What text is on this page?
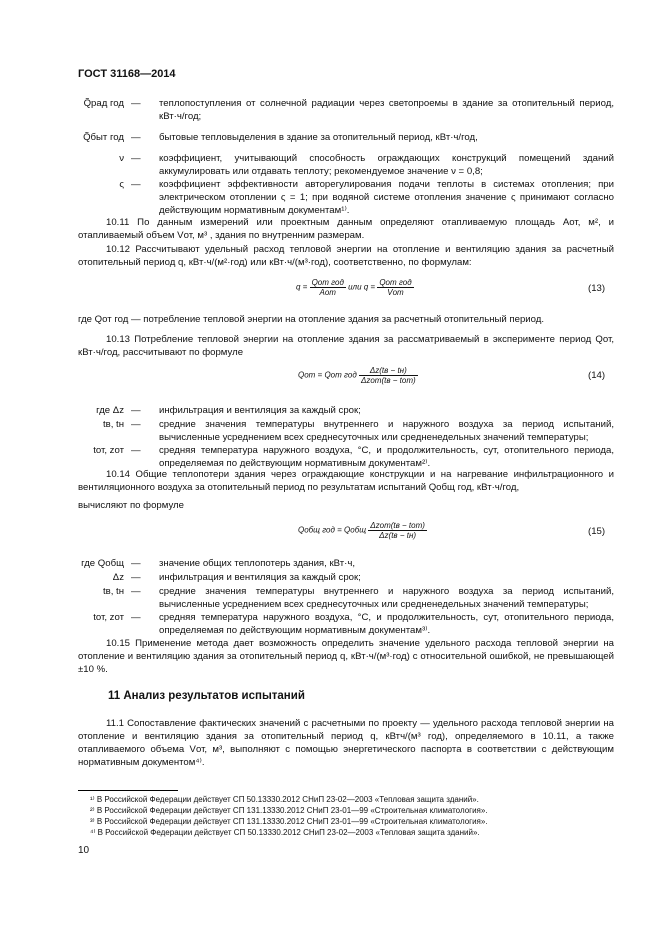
ГОСТ 31168—2014
Q̃рад год — теплопоступления от солнечной радиации через светопроемы в здание за отопительный период, кВт·ч/год;
Q̃быт год — бытовые тепловыделения в здание за отопительный период, кВт·ч/год,
ν — коэффициент, учитывающий способность ограждающих конструкций помещений зданий аккумулировать или отдавать теплоту; рекомендуемое значение ν = 0,8;
ς — коэффициент эффективности авторегулирования подачи теплоты в системах отопления; при электрическом отоплении ς = 1; при водяной системе отопления значение ς принимают согласно действующим нормативным документам¹⁾.
10.11 По данным измерений или проектным данным определяют отапливаемую площадь Aот, м², и отапливаемый объем Vот, м³ , здания по внутренним размерам.
10.12 Рассчитывают удельный расход тепловой энергии на отопление и вентиляцию здания за расчетный отопительный период q, кВт·ч/(м²·год) или кВт·ч/(м³·год), соответственно, по формулам:
$q = \frac{\text{Qот год}}{\text{Aот}}$ или $q = \frac{\text{Qот год}}{\text{Vот}}$	(13)
где Qот год — потребление тепловой энергии на отопление здания за расчетный отопительный период.
10.13 Потребление тепловой энергии на отопление здания за рассматриваемый в эксперименте период Qот, кВт·ч/год, рассчитывают по формуле
Qот = Qот год $\frac{\Delta z(tв - tн)}{\text{Δzот(tв − tот)}}$	(14)
где Δz — инфильтрация и вентиляция за каждый срок;
tв, tн — средние значения температуры внутреннего и наружного воздуха за период испытаний, вычисленные усреднением всех среднесуточных или средненедельных значений температуры;
tот, zот — средняя температура наружного воздуха, °С, и продолжительность, сут, отопительного периода, определяемая по действующим нормативным документам²⁾.
10.14 Общие теплопотери здания через ограждающие конструкции и на нагревание инфильтрационного и вентиляционного воздуха за отопительный период по результатам испытаний Qобщ год, кВт·ч/год,
вычисляют по формуле
Qобщ год = Qобщ $\frac{\text{Δzот(tв − tот)}}{\Delta z(tв - tн)}$	(15)
где Qобщ — значение общих теплопотерь здания, кВт·ч,
Δz — инфильтрация и вентиляция за каждый срок;
tв, tн — средние значения температуры внутреннего и наружного воздуха за период испытаний, вычисленные усреднением всех среднесуточных или средненедельных значений температуры;
tот, zот — средняя температура наружного воздуха, °С, и продолжительность, сут, отопительного периода, определяемая по действующим нормативным документам³⁾.
10.15 Применение метода дает возможность определить значение удельного расхода тепловой энергии на отопление и вентиляцию здания за отопительный период q, кВт·ч/(м³·год) с относительной ошибкой, не превышающей ±10 %.
11 Анализ результатов испытаний
11.1 Сопоставление фактических значений с расчетными по проекту — удельного расхода тепловой энергии на отопление и вентиляцию здания за отопительный период q, кВтч/(м³ год), определяемого в 10.11, а также отапливаемого объема Vот, м³, выполняют с помощью энергетического паспорта в соответствии с действующим нормативным документом⁴⁾.
¹⁾ В Российской Федерации действует СП 50.13330.2012 СНиП 23-02—2003 «Тепловая защита зданий».
²⁾ В Российской Федерации действует СП 131.13330.2012 СНиП 23-01—99 «Строительная климатология».
³⁾ В Российской Федерации действует СП 131.13330.2012 СНиП 23-01—99 «Строительная климатология».
⁴⁾ В Российской Федерации действует СП 50.13330.2012 СНиП 23-02—2003 «Тепловая защита зданий».
10
